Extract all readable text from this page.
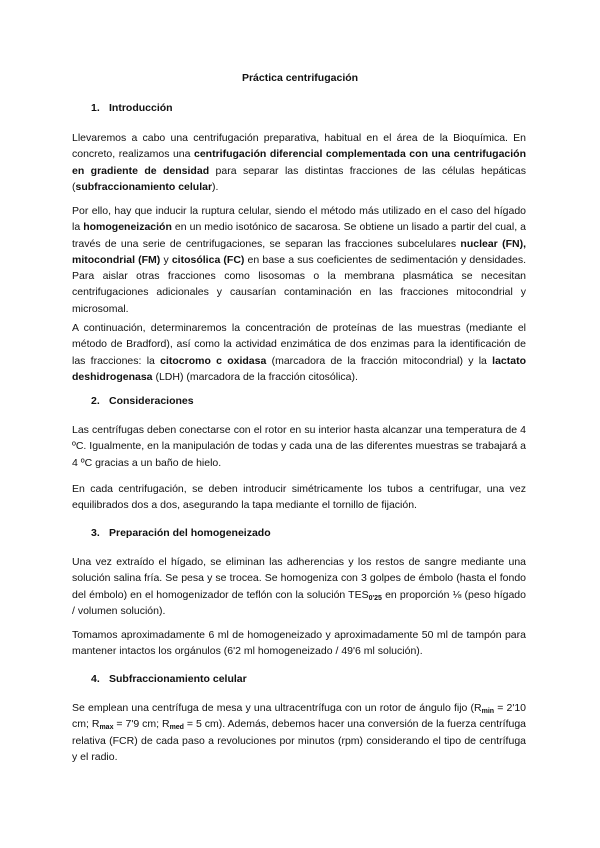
Práctica centrifugación
1. Introducción

Llevaremos a cabo una centrifugación preparativa, habitual en el área de la Bioquímica. En concreto, realizamos una centrifugación diferencial complementada con una centrifugación en gradiente de densidad para separar las distintas fracciones de las células hepáticas (subfraccionamiento celular).

Por ello, hay que inducir la ruptura celular, siendo el método más utilizado en el caso del hígado la homogeneización en un medio isotónico de sacarosa. Se obtiene un lisado a partir del cual, a través de una serie de centrifugaciones, se separan las fracciones subcelulares nuclear (FN), mitocondrial (FM) y citosólica (FC) en base a sus coeficientes de sedimentación y densidades. Para aislar otras fracciones como lisosomas o la membrana plasmática se necesitan centrifugaciones adicionales y causarían contaminación en las fracciones mitocondrial y microsomal.

A continuación, determinaremos la concentración de proteínas de las muestras (mediante el método de Bradford), así como la actividad enzimática de dos enzimas para la identificación de las fracciones: la citocromo c oxidasa (marcadora de la fracción mitocondrial) y la lactato deshidrogenasa (LDH) (marcadora de la fracción citosólica).

2. Consideraciones

Las centrífugas deben conectarse con el rotor en su interior hasta alcanzar una temperatura de 4 ºC. Igualmente, en la manipulación de todas y cada una de las diferentes muestras se trabajará a 4 ºC gracias a un baño de hielo.

En cada centrifugación, se deben introducir simétricamente los tubos a centrifugar, una vez equilibrados dos a dos, asegurando la tapa mediante el tornillo de fijación.

3. Preparación del homogeneizado

Una vez extraído el hígado, se eliminan las adherencias y los restos de sangre mediante una solución salina fría. Se pesa y se trocea. Se homogeniza con 3 golpes de émbolo (hasta el fondo del émbolo) en el homogenizador de teflón con la solución $TES_{0'25}$ en proporción ⅛ (peso hígado / volumen solución).

Tomamos aproximadamente 6 ml de homogeneizado y aproximadamente 50 ml de tampón para mantener intactos los orgánulos (6'2 ml homogeneizado / 49'6 ml solución).

4. Subfraccionamiento celular

Se emplean una centrífuga de mesa y una ultracentrífuga con un rotor de ángulo fijo ($R_{min} = 2'10$ cm; $R_{max} = 7'9$ cm; $R_{med} = 5$ cm). Además, debemos hacer una conversión de la fuerza centrífuga relativa (FCR) de cada paso a revoluciones por minutos (rpm) considerando el tipo de centrífuga y el radio.
